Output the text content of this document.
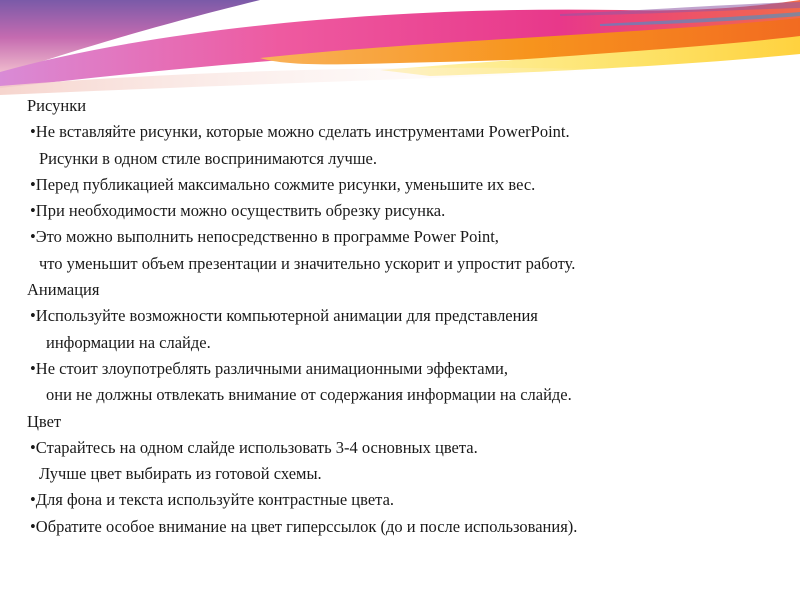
Рисунки
•Не вставляйте рисунки, которые можно сделать инструментами PowerPoint.
Рисунки в одном стиле воспринимаются лучше.
•Перед публикацией максимально сожмите рисунки, уменьшите их вес.
•При необходимости можно осуществить обрезку рисунка.
•Это можно выполнить непосредственно в программе Power Point,
что уменьшит объем презентации и значительно ускорит и упростит работу.
Анимация
•Используйте возможности компьютерной анимации для представления
информации на слайде.
•Не стоит злоупотреблять различными анимационными эффектами,
они не должны отвлекать внимание от содержания информации на слайде.
Цвет
•Старайтесь на одном слайде использовать 3-4 основных цвета.
Лучше цвет выбирать из готовой схемы.
•Для фона и текста используйте контрастные цвета.
•Обратите особое внимание на цвет гиперссылок (до и после использования).
